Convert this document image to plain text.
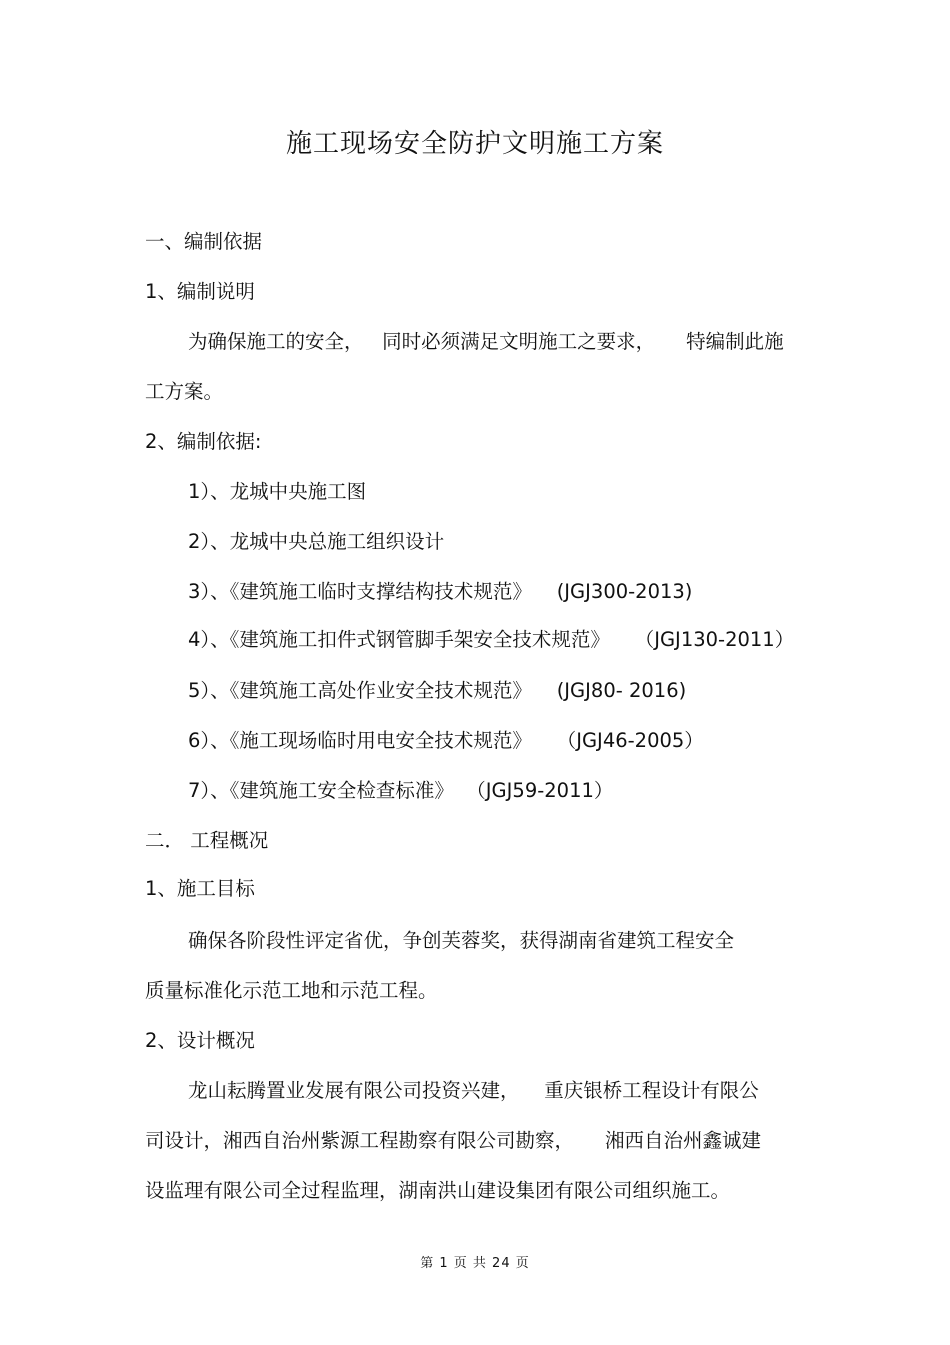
施工现场安全防护文明施工方案
一、编制依据
1、编制说明
为确保施工的安全，   同时必须满足文明施工之要求，     特编制此施
工方案。
2、编制依据:
1）、龙城中央施工图
2）、龙城中央总施工组织设计
3）、《建筑施工临时支撑结构技术规范》    (JGJ300-2013)
4）、《建筑施工扣件式钢管脚手架安全技术规范》    （JGJ130-2011）
5）、《建筑施工高处作业安全技术规范》    (JGJ80- 2016)
6）、《施工现场临时用电安全技术规范》    （JGJ46-2005）
7）、《建筑施工安全检查标准》  （JGJ59-2011）
二． 工程概况
1、施工目标
确保各阶段性评定省优，争创芙蓉奖，获得湖南省建筑工程安全
质量标准化示范工地和示范工程。
2、设计概况
龙山耘腾置业发展有限公司投资兴建，    重庆银桥工程设计有限公
司设计，湘西自治州紫源工程勘察有限公司勘察，     湘西自治州鑫诚建
设监理有限公司全过程监理，湖南洪山建设集团有限公司组织施工。
第 1 页 共 24 页
